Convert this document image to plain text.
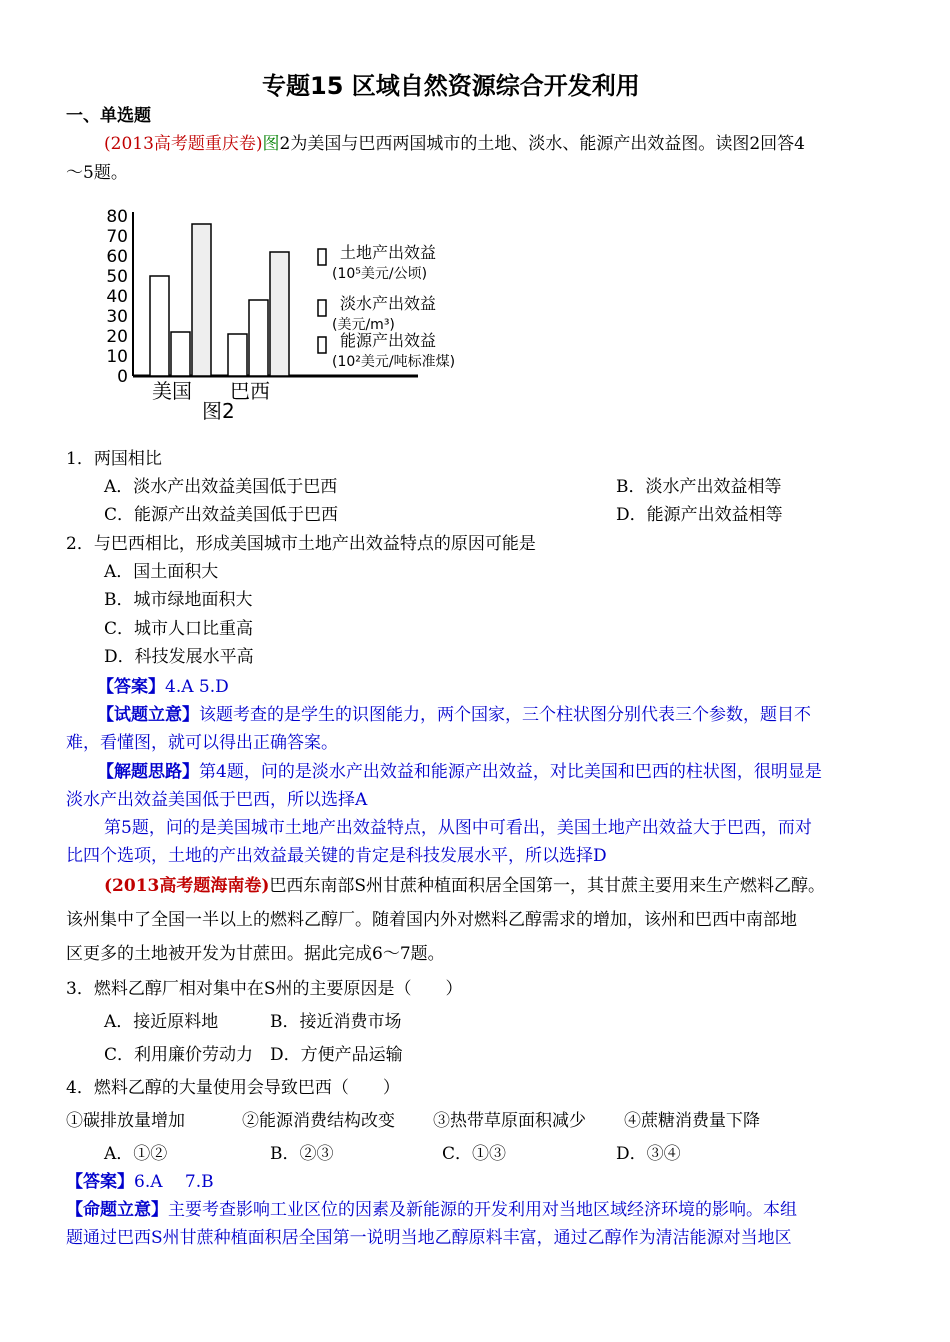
专题15 区域自然资源综合开发利用
一、单选题
(2013高考题重庆卷)图2为美国与巴西两国城市的土地、淡水、能源产出效益图。读图2回答4
～5题。
80
70
60
50
40
30
20
10
0
美国 巴西
图2
土地产出效益
(10⁵美元/公顷)
淡水产出效益
(美元/m³)
能源产出效益
(10²美元/吨标准煤)
1．两国相比
A．淡水产出效益美国低于巴西	B．淡水产出效益相等
C．能源产出效益美国低于巴西	D．能源产出效益相等
2．与巴西相比，形成美国城市土地产出效益特点的原因可能是
A．国土面积大
B．城市绿地面积大
C．城市人口比重高
D．科技发展水平高
【答案】4.A 5.D
【试题立意】该题考查的是学生的识图能力，两个国家，三个柱状图分别代表三个参数，题目不
难，看懂图，就可以得出正确答案。
【解题思路】第4题，问的是淡水产出效益和能源产出效益，对比美国和巴西的柱状图，很明显是
淡水产出效益美国低于巴西，所以选择A
第5题，问的是美国城市土地产出效益特点，从图中可看出，美国土地产出效益大于巴西，而对
比四个选项，土地的产出效益最关键的肯定是科技发展水平，所以选择D
(2013高考题海南卷)巴西东南部S州甘蔗种植面积居全国第一，其甘蔗主要用来生产燃料乙醇。
该州集中了全国一半以上的燃料乙醇厂。随着国内外对燃料乙醇需求的增加，该州和巴西中南部地
区更多的土地被开发为甘蔗田。据此完成6～7题。
3．燃料乙醇厂相对集中在S州的主要原因是（　　）
A．接近原料地	B．接近消费市场
C．利用廉价劳动力 D．方便产品运输
4．燃料乙醇的大量使用会导致巴西（　　）
①碳排放量增加	②能源消费结构改变 ③热带草原面积减少 ④蔗糖消费量下降
A．①②	B．②③	C．①③	D．③④
【答案】6.A　 7.B
【命题立意】主要考查影响工业区位的因素及新能源的开发利用对当地区域经济环境的影响。本组
题通过巴西S州甘蔗种植面积居全国第一说明当地乙醇原料丰富，通过乙醇作为清洁能源对当地区
